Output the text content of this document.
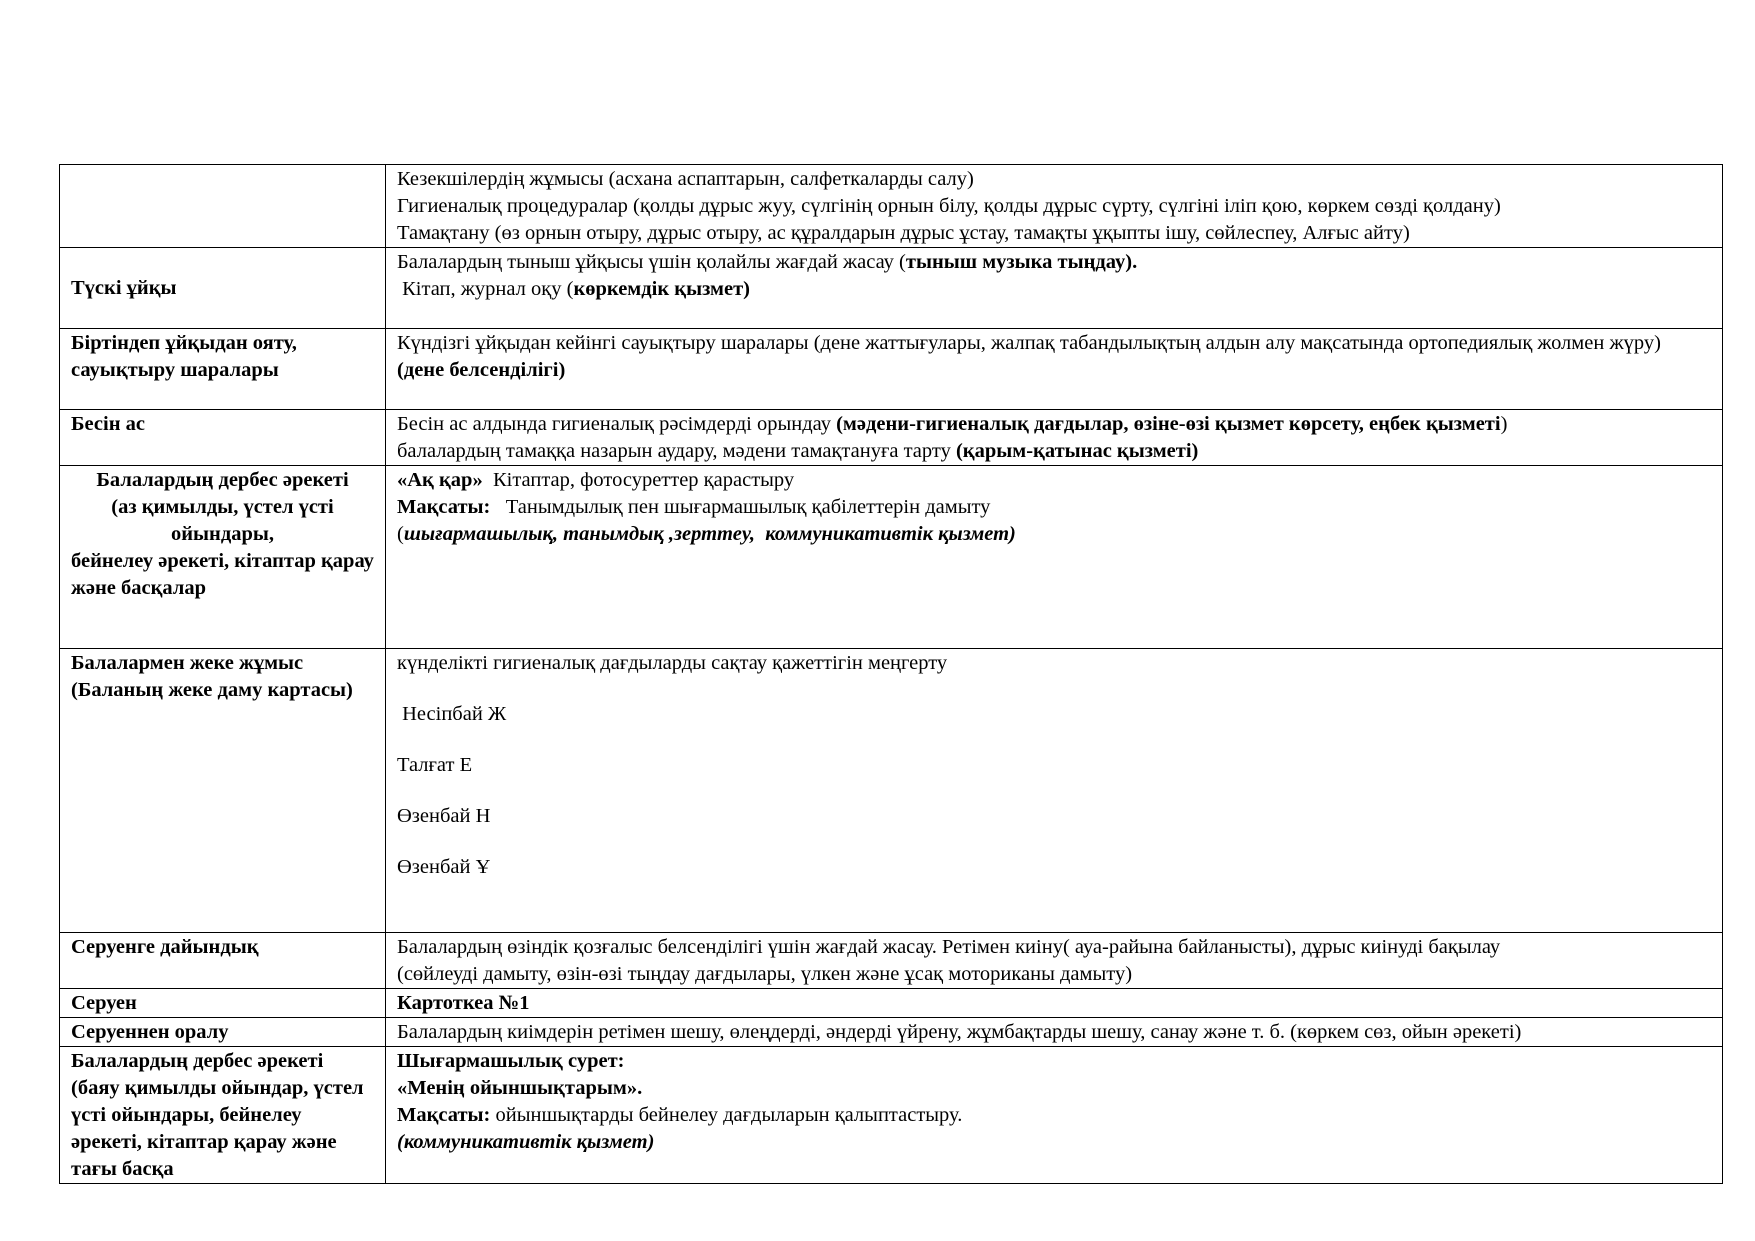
	Кезекшілердің жұмысы (асхана аспаптарын, салфеткаларды салу)
Гигиеналық процедуралар (қолды дұрыс жуу, сүлгінің орнын білу, қолды дұрыс сүрту, сүлгіні іліп қою, көркем сөзді қолдану)
Тамақтану (өз орнын отыру, дұрыс отыру, ас құралдарын дұрыс ұстау, тамақты ұқыпты ішу, сөйлеспеу, Алғыс айту)

Түскі ұйқы	Балалардың тыныш ұйқысы үшін қолайлы жағдай жасау (тыныш музыка тыңдау).
Кітап, журнал оқу (көркемдік қызмет)

Біртіндеп ұйқыдан ояту, сауықтыру шаралары	Күндізгі ұйқыдан кейінгі сауықтыру шаралары (дене жаттығулары, жалпақ табандылықтың алдын алу мақсатында ортопедиялық жолмен жүру)
(дене белсенділігі)

Бесін ас	Бесін ас алдында гигиеналық рәсімдерді орындау (мәдени-гигиеналық дағдылар, өзіне-өзі қызмет көрсету, еңбек қызметі)
балалардың тамаққа назарын аудару, мәдени тамақтануға тарту (қарым-қатынас қызметі)

Балалардың дербес әрекеті
(аз қимылды, үстел үсті
ойындары,
бейнелеу әрекеті, кітаптар қарау және басқалар	«Ақ қар»  Кітаптар, фотосуреттер қарастыру
Мақсаты:   Танымдылық пен шығармашылық қабілеттерін дамыту
(шығармашылық, танымдық ,зерттеу,  коммуникативтік қызмет)

Балалармен жеке жұмыс (Баланың жеке даму картасы)	күнделікті гигиеналық дағдыларды сақтау қажеттігін меңгерту
Несіпбай Ж
Талғат Е
Өзенбай Н
Өзенбай Ұ

Серуенге дайындық	Балалардың өзіндік қозғалыс белсенділігі үшін жағдай жасау. Ретімен киіну( ауа-райына байланысты), дұрыс киінуді бақылау
(сөйлеуді дамыту, өзін-өзі тыңдау дағдылары, үлкен және ұсақ моториканы дамыту)

Серуен	Картоткеа №1

Серуеннен оралу	Балалардың киімдерін ретімен шешу, өлеңдерді, әндерді үйрену, жұмбақтарды шешу, санау және т. б. (көркем сөз, ойын әрекеті)

Балалардың дербес әрекеті (баяу қимылды ойындар, үстел үсті ойындары, бейнелеу әрекеті, кітаптар қарау және тағы басқа	Шығармашылық сурет:
«Менің ойыншықтарым».
Мақсаты: ойыншықтарды бейнелеу дағдыларын қалыптастыру.
(коммуникативтік қызмет)
